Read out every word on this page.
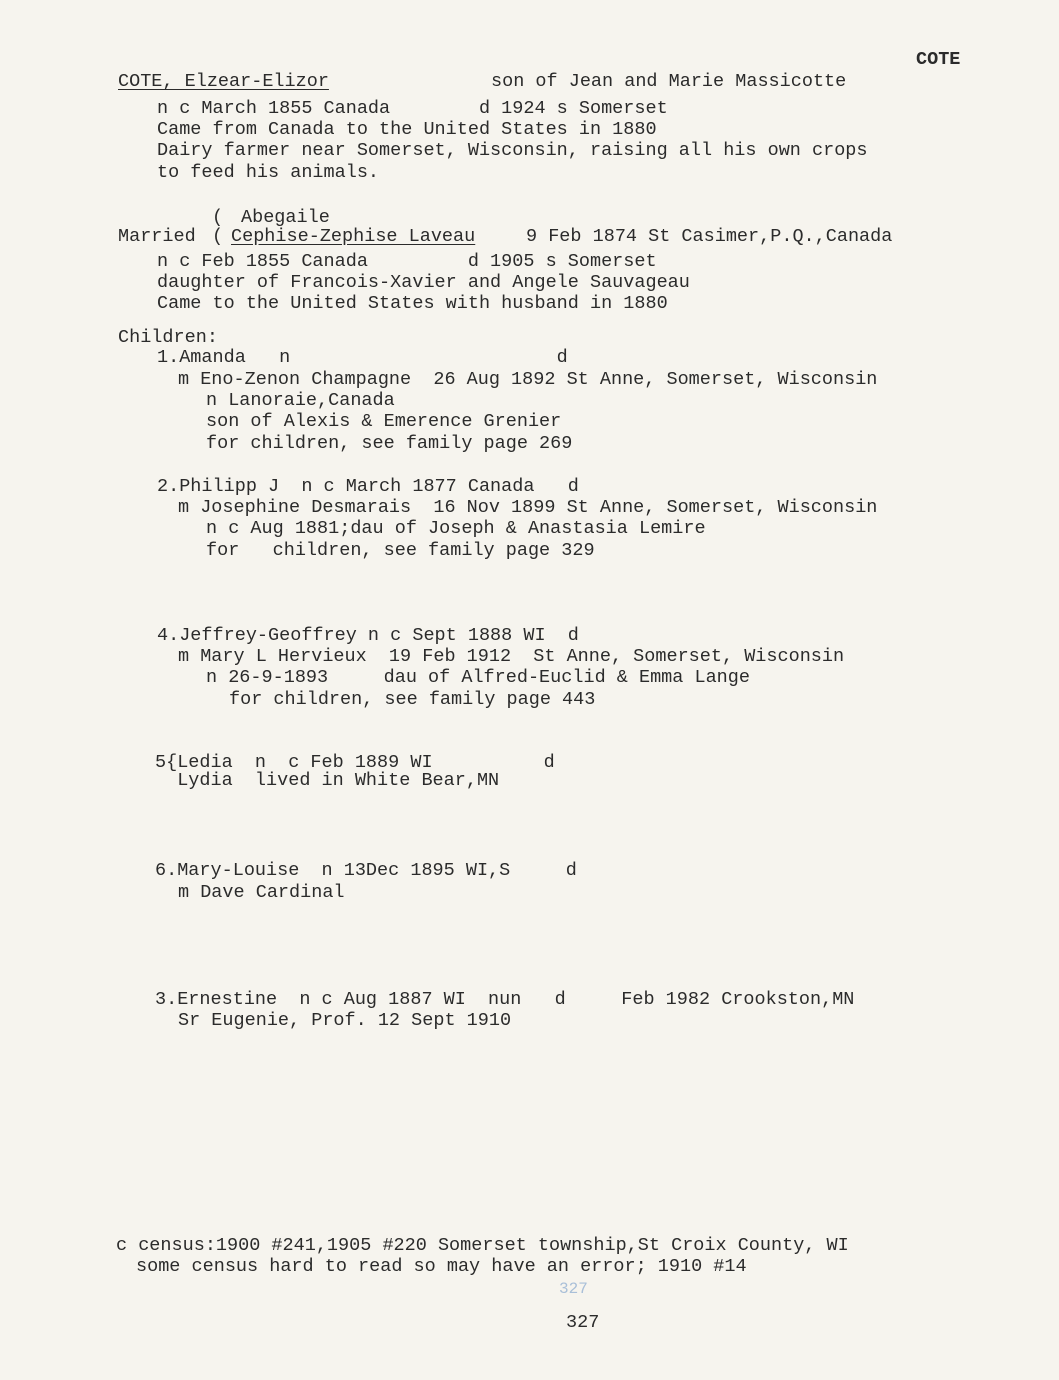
COTE
COTE, Elzear-Elizor	son of Jean and Marie Massicotte
n c March 1855 Canada        d 1924 s Somerset
Came from Canada to the United States in 1880
Dairy farmer near Somerset, Wisconsin, raising all his own crops
to feed his animals.
( Abegaile
Married ( Cephise-Zephise Laveau	9 Feb 1874 St Casimer,P.Q.,Canada
n c Feb 1855 Canada         d 1905 s Somerset
daughter of Francois-Xavier and Angele Sauvageau
Came to the United States with husband in 1880
Children:
1.Amanda   n                        d
m Eno-Zenon Champagne  26 Aug 1892 St Anne, Somerset, Wisconsin
n Lanoraie,Canada
son of Alexis & Emerence Grenier
for children, see family page 269
2.Philipp J  n c March 1877 Canada   d
m Josephine Desmarais  16 Nov 1899 St Anne, Somerset, Wisconsin
n c Aug 1881;dau of Joseph & Anastasia Lemire
for   children, see family page 329
4.Jeffrey-Geoffrey n c Sept 1888 WI  d
m Mary L Hervieux  19 Feb 1912  St Anne, Somerset, Wisconsin
n 26-9-1893     dau of Alfred-Euclid & Emma Lange
for children, see family page 443
5{Ledia  n  c Feb 1889 WI          d
Lydia  lived in White Bear,MN
6.Mary-Louise  n 13Dec 1895 WI,S     d
m Dave Cardinal
3.Ernestine  n c Aug 1887 WI  nun   d     Feb 1982 Crookston,MN
Sr Eugenie, Prof. 12 Sept 1910
c census:1900 #241,1905 #220 Somerset township,St Croix County, WI
some census hard to read so may have an error; 1910 #14
327
327
